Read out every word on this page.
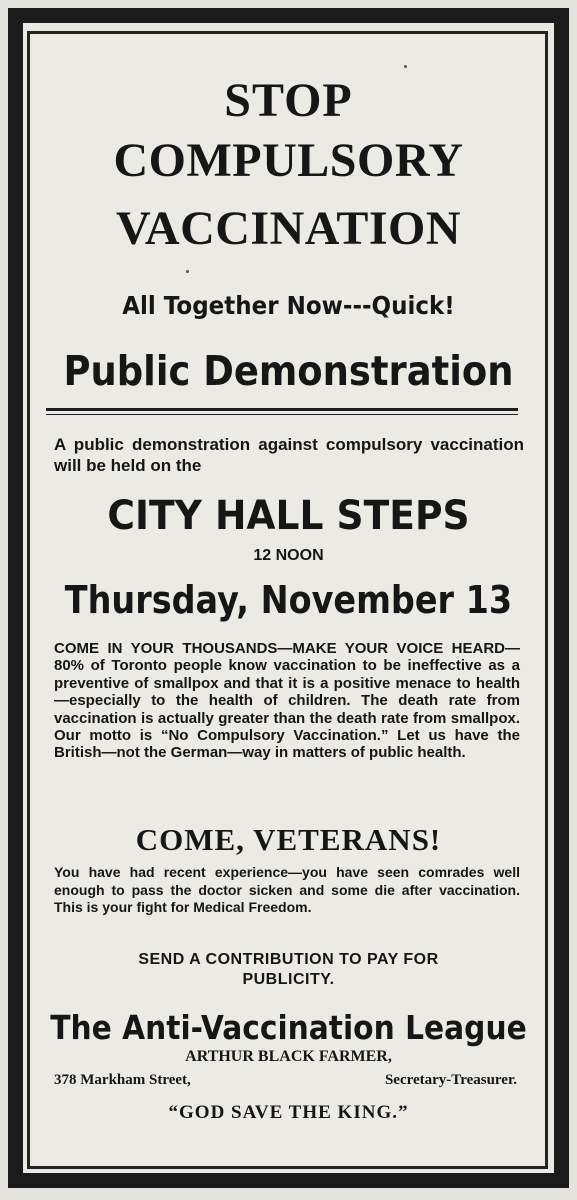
STOP
COMPULSORY
VACCINATION
All Together Now---Quick!
Public Demonstration
A public demonstration against compulsory vaccination will be held on the
CITY HALL STEPS
12 NOON
Thursday, November 13
COME IN YOUR THOUSANDS—MAKE YOUR VOICE HEARD—80% of Toronto people know vaccination to be ineffective as a preventive of smallpox and that it is a positive menace to health—especially to the health of children. The death rate from vaccination is actually greater than the death rate from smallpox. Our motto is “No Compulsory Vaccination.” Let us have the British—not the German—way in matters of public health.
COME, VETERANS!
You have had recent experience—you have seen comrades well enough to pass the doctor sicken and some die after vaccination. This is your fight for Medical Freedom.
SEND A CONTRIBUTION TO PAY FOR
PUBLICITY.
The Anti-Vaccination League
ARTHUR BLACK FARMER,
378 Markham Street,	Secretary-Treasurer.
“GOD SAVE THE KING.”
